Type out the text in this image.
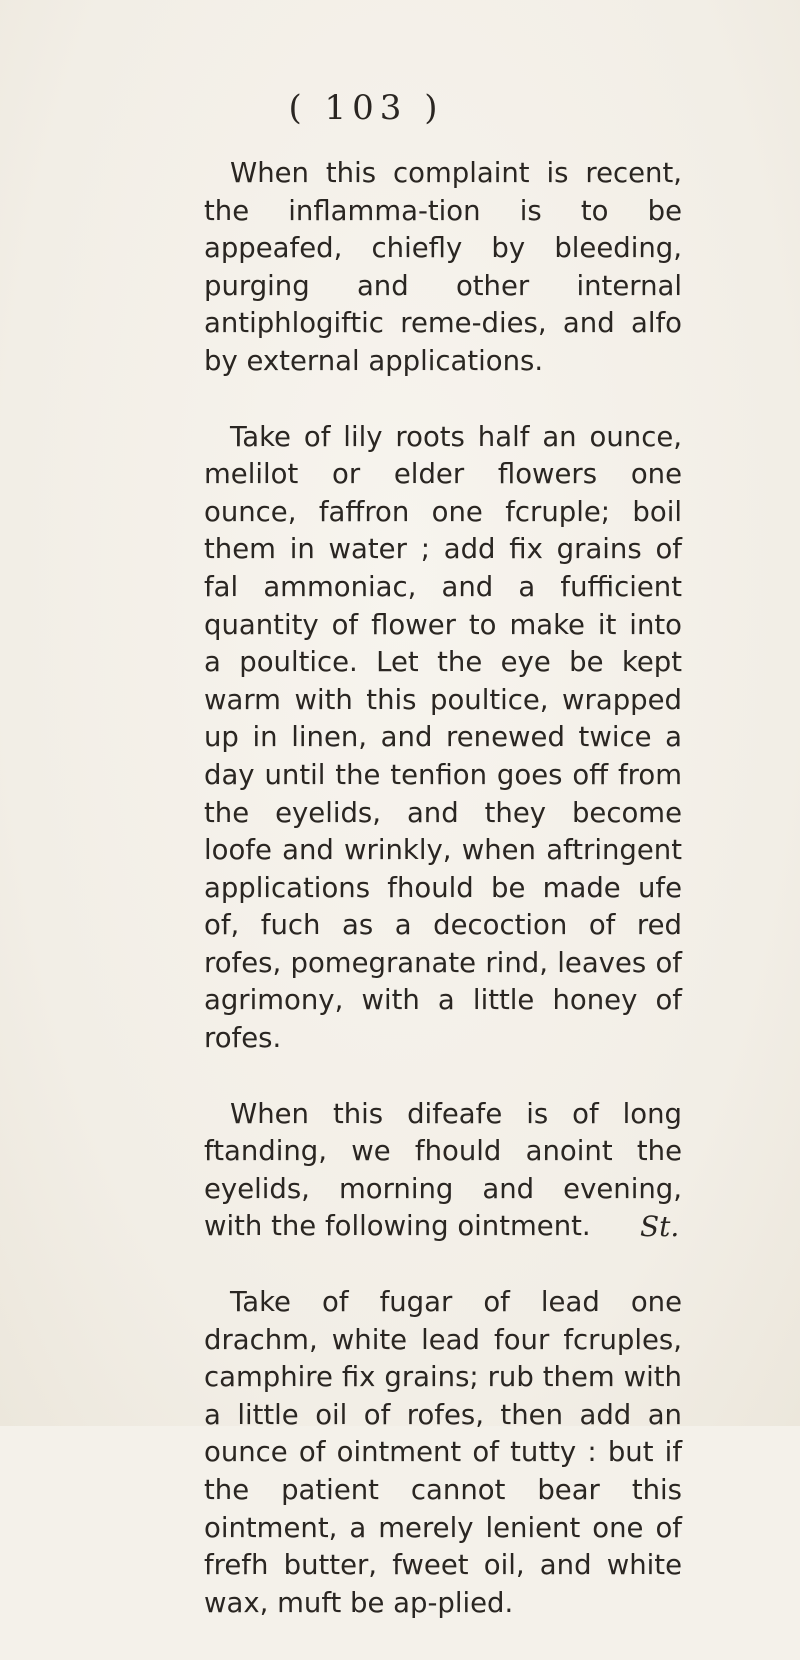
( 103 )

When this complaint is recent, the inflamma‑tion is to be appeafed, chiefly by bleeding, purging and other internal antiphlogiftic reme‑dies, and alfo by external applications.

Take of lily roots half an ounce, melilot or elder flowers one ounce, faffron one fcruple; boil them in water ; add fix grains of fal ammoniac, and a fufficient quantity of flower to make it into a poultice. Let the eye be kept warm with this poultice, wrapped up in linen, and renewed twice a day until the tenfion goes off from the eyelids, and they become loofe and wrinkly, when aftringent applications fhould be made ufe of, fuch as a decoction of red rofes, pomegranate rind, leaves of agrimony, with a little honey of rofes.

When this difeafe is of long ftanding, we fhould anoint the eyelids, morning and evening, with the following ointment.

Take of fugar of lead one drachm, white lead four fcruples, camphire fix grains; rub them with a little oil of rofes, then add an ounce of ointment of tutty : but if the patient cannot bear this ointment, a merely lenient one of frefh butter, fweet oil, and white wax, muft be ap‑plied.

St.
